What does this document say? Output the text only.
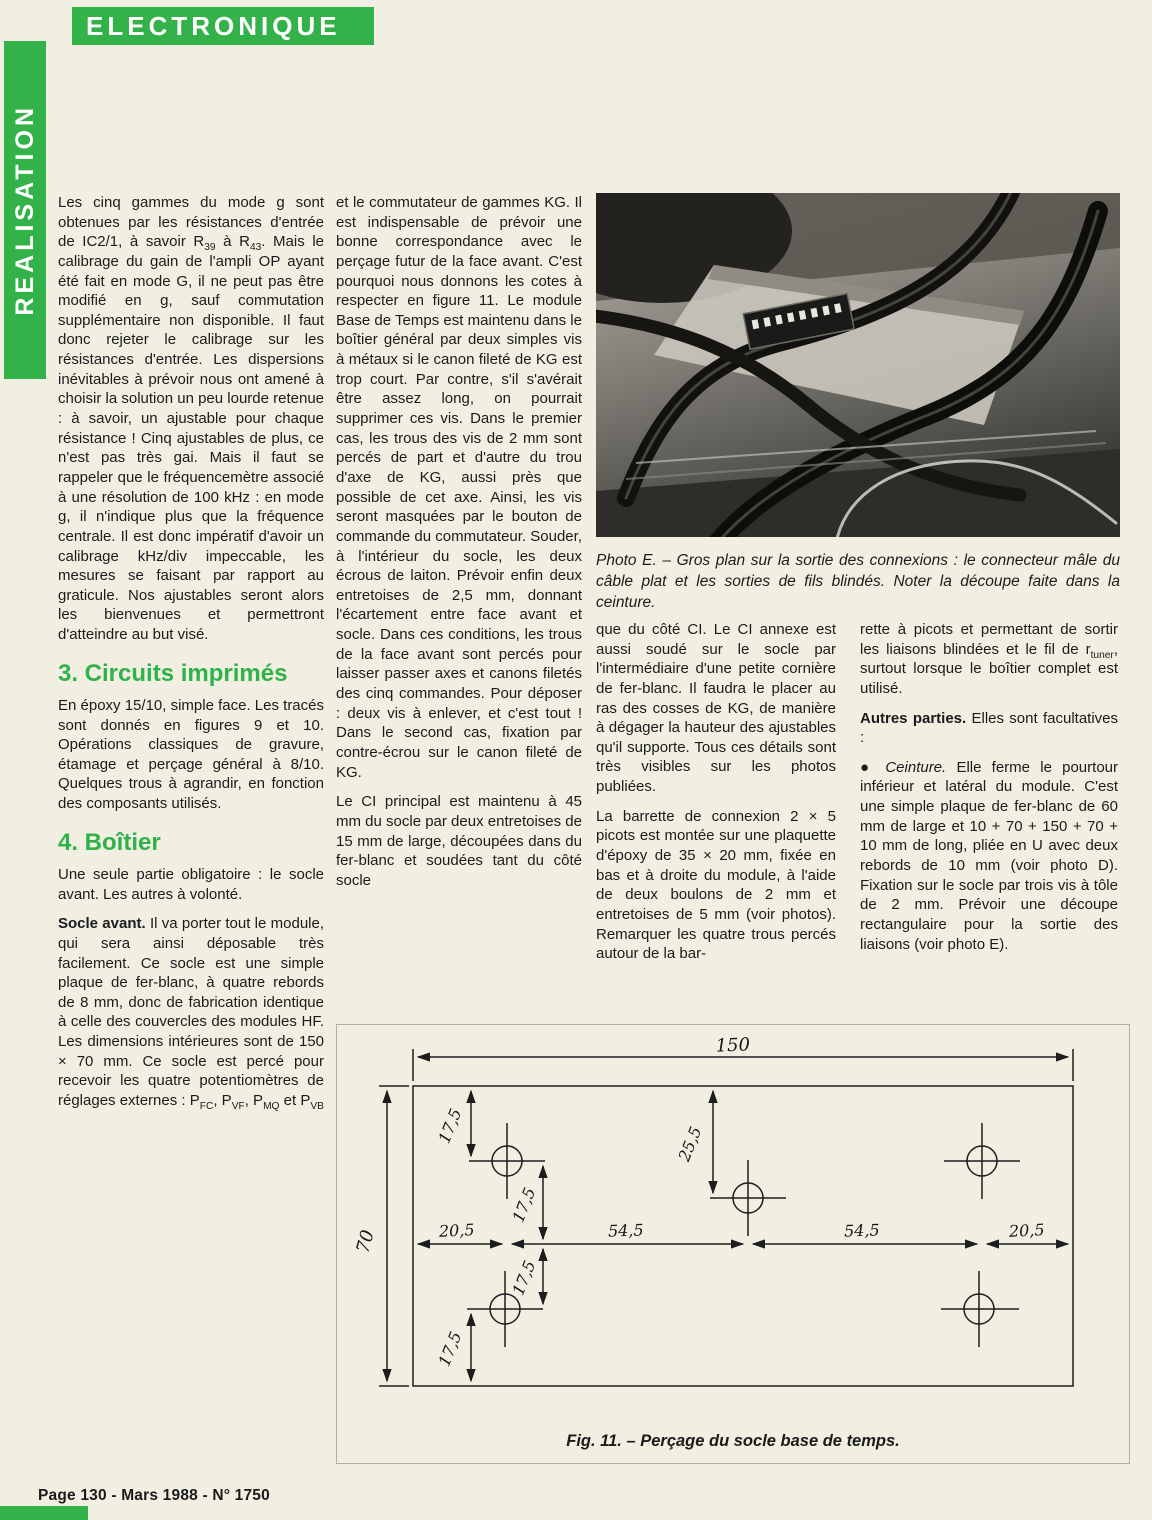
ELECTRONIQUE
REALISATION Les cinq gammes du mode g sont obtenues par les résistances d'entrée de IC2/1, à savoir $R_{39}$ à $R_{43}$. Mais le calibrage du gain de l'ampli OP ayant été fait en mode G, il ne peut pas être modifié en g, sauf commutation supplémentaire non disponible. Il faut donc rejeter le calibrage sur les résistances d'entrée. Les dispersions inévitables à prévoir nous ont amené à choisir la solution un peu lourde retenue : à savoir, un ajustable pour chaque résistance ! Cinq ajustables de plus, ce n'est pas très gai. Mais il faut se rappeler que le fréquencemètre associé à une résolution de 100 kHz : en mode g, il n'indique plus que la fréquence centrale. Il est donc impératif d'avoir un calibrage kHz/div impeccable, les mesures se faisant par rapport au graticule. Nos ajustables seront alors les bienvenues et permettront d'atteindre au but visé.

3. Circuits imprimés

En époxy 15/10, simple face. Les tracés sont donnés en figures 9 et 10. Opérations classiques de gravure, étamage et perçage général à 8/10. Quelques trous à agrandir, en fonction des composants utilisés.

4. Boîtier

Une seule partie obligatoire : le socle avant. Les autres à volonté.

Socle avant. Il va porter tout le module, qui sera ainsi déposable très facilement. Ce socle est une simple plaque de fer-blanc, à quatre rebords de 8 mm, donc de fabrication identique à celle des couvercles des modules HF. Les dimensions intérieures sont de 150 × 70 mm. Ce socle est percé pour recevoir les quatre potentiomètres de réglages externes : $P_{FC}$, $P_{VF}$, $P_{MQ}$ et $P_{VB}$

et le commutateur de gammes KG. Il est indispensable de prévoir une bonne correspondance avec le perçage futur de la face avant. C'est pourquoi nous donnons les cotes à respecter en figure 11. Le module Base de Temps est maintenu dans le boîtier général par deux simples vis à métaux si le canon fileté de KG est trop court. Par contre, s'il s'avérait être assez long, on pourrait supprimer ces vis. Dans le premier cas, les trous des vis de 2 mm sont percés de part et d'autre du trou d'axe de KG, aussi près que possible de cet axe. Ainsi, les vis seront masquées par le bouton de commande du commutateur. Souder, à l'intérieur du socle, les deux écrous de laiton. Prévoir enfin deux entretoises de 2,5 mm, donnant l'écartement entre face avant et socle. Dans ces conditions, les trous de la face avant sont percés pour laisser passer axes et canons filetés des cinq commandes. Pour déposer : deux vis à enlever, et c'est tout ! Dans le second cas, fixation par contre-écrou sur le canon fileté de KG.

Le CI principal est maintenu à 45 mm du socle par deux entretoises de 15 mm de large, découpées dans du fer-blanc et soudées tant du côté socle

Photo E. – Gros plan sur la sortie des connexions : le connecteur mâle du câble plat et les sorties de fils blindés. Noter la découpe faite dans la ceinture.

que du côté CI. Le CI annexe est aussi soudé sur le socle par l'intermédiaire d'une petite cornière de fer-blanc. Il faudra le placer au ras des cosses de KG, de manière à dégager la hauteur des ajustables qu'il supporte. Tous ces détails sont très visibles sur les photos publiées.

La barrette de connexion 2 × 5 picots est montée sur une plaquette d'époxy de 35 × 20 mm, fixée en bas et à droite du module, à l'aide de deux boulons de 2 mm et entretoises de 5 mm (voir photos). Remarquer les quatre trous percés autour de la bar-

rette à picots et permettant de sortir les liaisons blindées et le fil de $r_{tuner}$, surtout lorsque le boîtier complet est utilisé.

Autres parties. Elles sont facultatives :

● Ceinture. Elle ferme le pourtour inférieur et latéral du module. C'est une simple plaque de fer-blanc de 60 mm de large et 10 + 70 + 150 + 70 + 10 mm de long, pliée en U avec deux rebords de 10 mm (voir photo D). Fixation sur le socle par trois vis à tôle de 2 mm. Prévoir une découpe rectangulaire pour la sortie des liaisons (voir photo E).

150
70
17,5	25,5
17,5
17,5
17,5
20,5	54,5	54,5	20,5
Fig. 11. – Perçage du socle base de temps.
Page 130 - Mars 1988 - N° 1750
